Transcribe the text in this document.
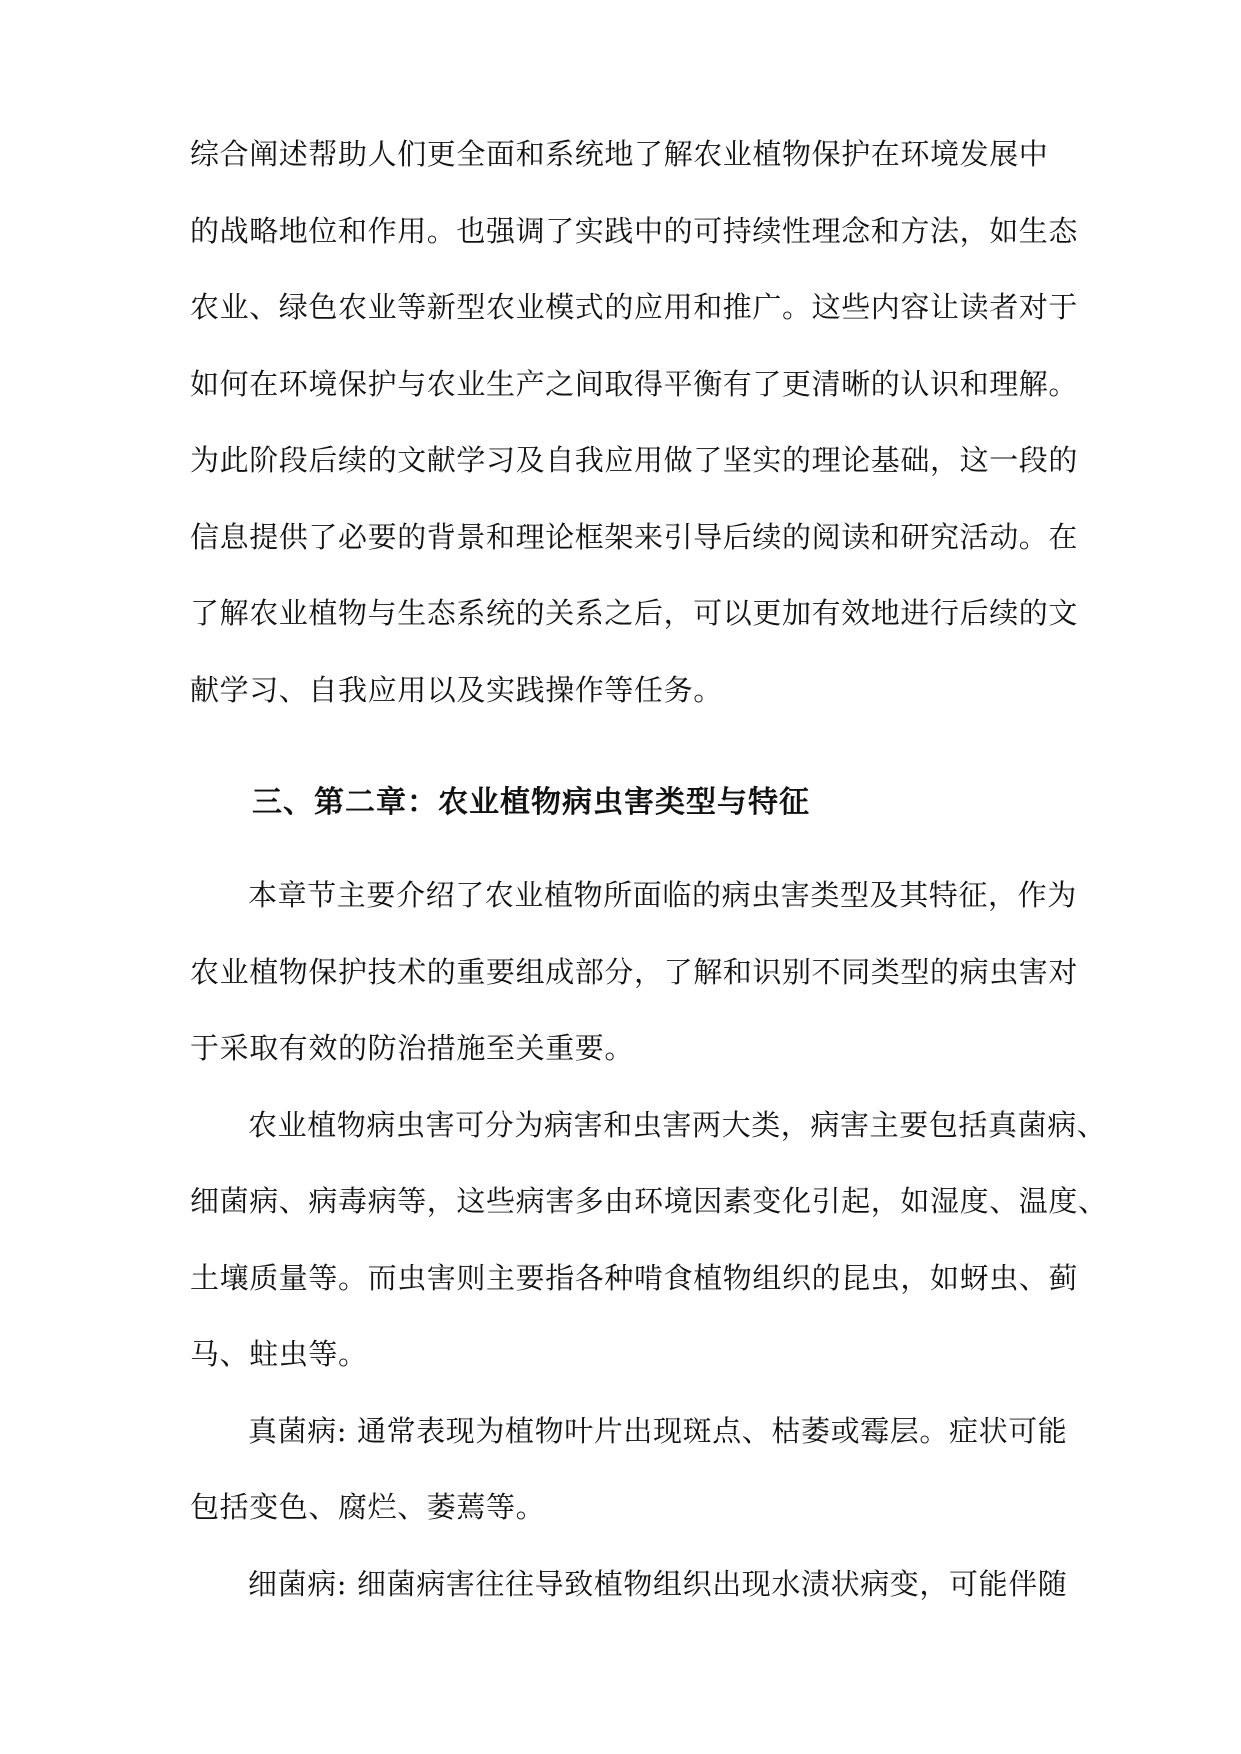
综合阐述帮助人们更全面和系统地了解农业植物保护在环境发展中
的战略地位和作用。也强调了实践中的可持续性理念和方法，如生态
农业、绿色农业等新型农业模式的应用和推广。这些内容让读者对于
如何在环境保护与农业生产之间取得平衡有了更清晰的认识和理解。
为此阶段后续的文献学习及自我应用做了坚实的理论基础，这一段的
信息提供了必要的背景和理论框架来引导后续的阅读和研究活动。在
了解农业植物与生态系统的关系之后，可以更加有效地进行后续的文
献学习、自我应用以及实践操作等任务。
三、第二章：农业植物病虫害类型与特征
本章节主要介绍了农业植物所面临的病虫害类型及其特征，作为
农业植物保护技术的重要组成部分，了解和识别不同类型的病虫害对
于采取有效的防治措施至关重要。
农业植物病虫害可分为病害和虫害两大类，病害主要包括真菌病、
细菌病、病毒病等，这些病害多由环境因素变化引起，如湿度、温度、
土壤质量等。而虫害则主要指各种啃食植物组织的昆虫，如蚜虫、蓟
马、蛀虫等。
真菌病: 通常表现为植物叶片出现斑点、枯萎或霉层。症状可能
包括变色、腐烂、萎蔫等。
细菌病: 细菌病害往往导致植物组织出现水渍状病变，可能伴随
